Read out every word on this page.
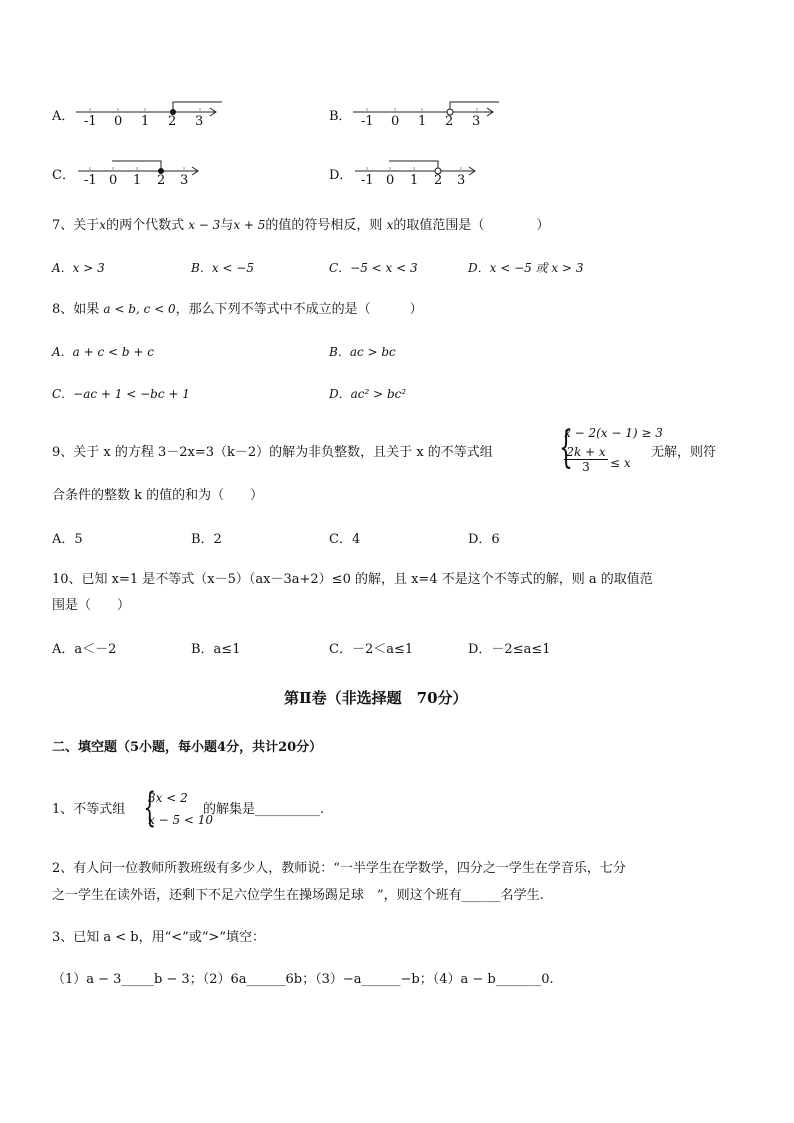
A． -1 0 1 2 3	B． -1 0 1 2 3
C． -1 0 1 2 3	D． -1 0 1 2 3
7、关于x的两个代数式 x − 3与x + 5的值的符号相反，则 x的取值范围是（　　　　）
A．x > 3	B．x < −5	C．−5 < x < 3	D．x < −5 或 x > 3
8、如果 a < b, c < 0，那么下列不等式中不成立的是（　　　）
A．a + c < b + c	B．ac > bc
C．−ac + 1 < −bc + 1	D．ac² > bc²
9、关于 x 的方程 3－2x=3（k－2）的解为非负整数，且关于 x 的不等式组 {
x − 2(x − 1) ≥ 3
$\frac{2k + x}{3} \le x$
无解，则符
合条件的整数 k 的值的和为（　　）
A．5	B．2	C．4	D．6
10、已知 x=1 是不等式（x－5）（ax－3a+2）≤0 的解，且 x=4 不是这个不等式的解，则 a 的取值范
围是（　　）
A．a＜－2	B．a≤1	C．－2＜a≤1	D．－2≤a≤1
第Ⅱ卷（非选择题　70分）
二、填空题（5小题，每小题4分，共计20分）
1、不等式组 {
3x < 2
x − 5 < 10
的解集是__________.
2、有人问一位教师所教班级有多少人，教师说：“一半学生在学数学，四分之一学生在学音乐，七分
之一学生在读外语，还剩下不足六位学生在操场踢足球　”，则这个班有______名学生.
3、已知 a < b，用“<”或“>”填空：
（1）a − 3_____b − 3；（2）6a______6b；（3）−a______−b；（4）a − b_______0.
